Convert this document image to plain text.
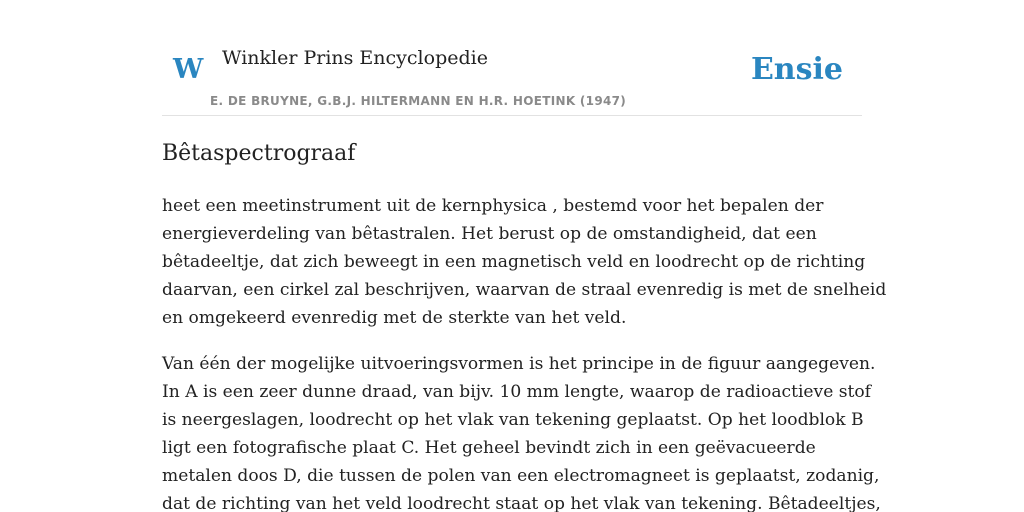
W Winkler Prins Encyclopedie
E. DE BRUYNE, G.B.J. HILTERMANN EN H.R. HOETINK (1947)
Ensie
Bêtaspectrograaf

heet een meetinstrument uit de kernphysica , bestemd voor het bepalen der
energieverdeling van bêtastralen. Het berust op de omstandigheid, dat een
bêtadeeltje, dat zich beweegt in een magnetisch veld en loodrecht op de richting
daarvan, een cirkel zal beschrijven, waarvan de straal evenredig is met de snelheid
en omgekeerd evenredig met de sterkte van het veld.

Van één der mogelijke uitvoeringsvormen is het principe in de figuur aangegeven.
In A is een zeer dunne draad, van bijv. 10 mm lengte, waarop de radioactieve stof
is neergeslagen, loodrecht op het vlak van tekening geplaatst. Op het loodblok B
ligt een fotografische plaat C. Het geheel bevindt zich in een geëvacueerde
metalen doos D, die tussen de polen van een electromagneet is geplaatst, zodanig,
dat de richting van het veld loodrecht staat op het vlak van tekening. Bêtadeeltjes,
